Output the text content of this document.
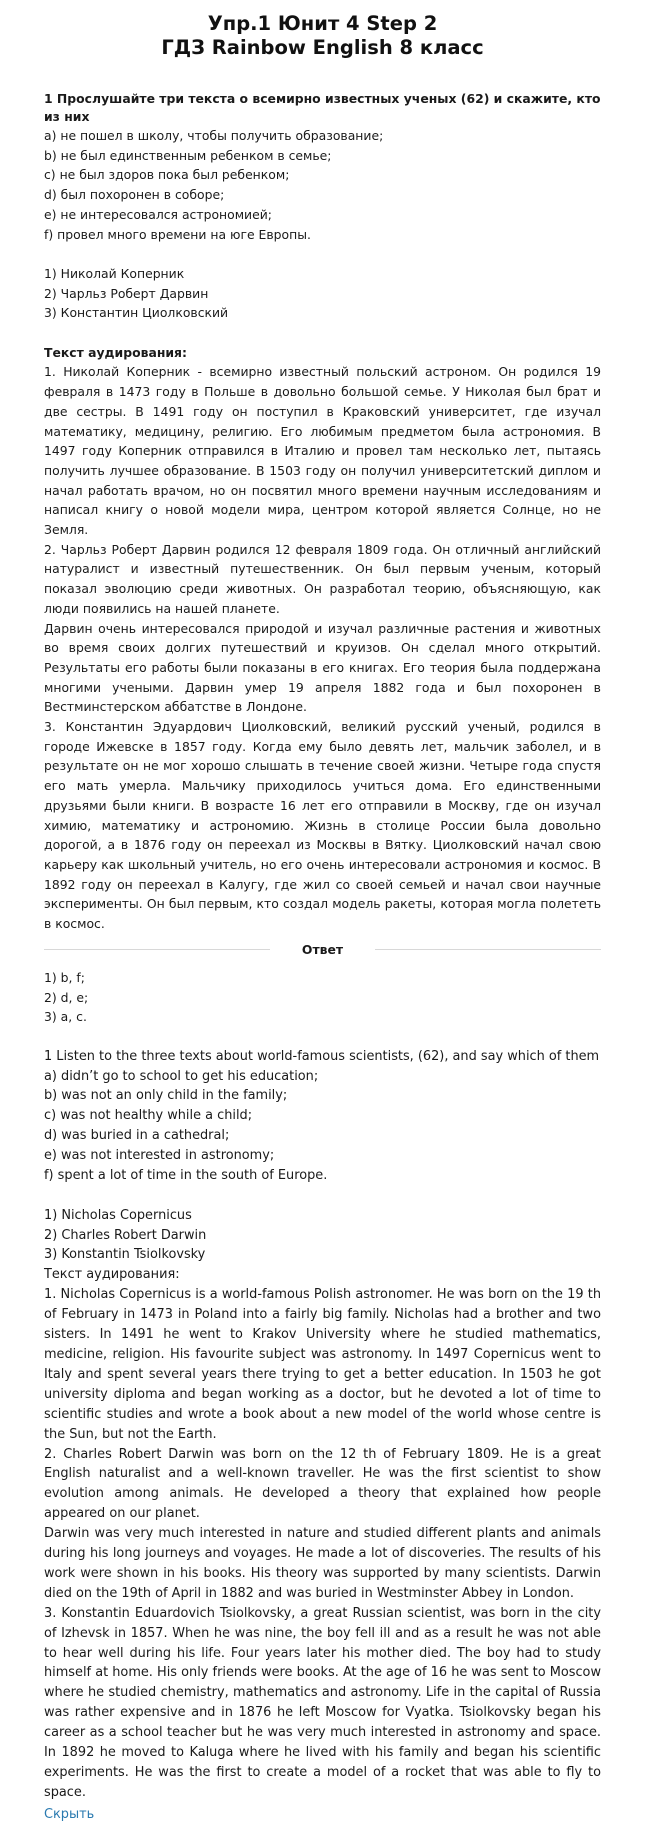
Упр.1 Юнит 4 Step 2
ГДЗ Rainbow English 8 класс

1 Прослушайте три текста о всемирно известных ученых (62) и скажите, кто из них

a) не пошел в школу, чтобы получить образование;

b) не был единственным ребенком в семье;

c) не был здоров пока был ребенком;

d) был похоронен в соборе;

e) не интересовался астрономией;

f) провел много времени на юге Европы.

1) Николай Коперник

2) Чарльз Роберт Дарвин

3) Константин Циолковский

Текст аудирования:

1. Николай Коперник - всемирно известный польский астроном. Он родился 19 февраля в 1473 году в Польше в довольно большой семье. У Николая был брат и две сестры. В 1491 году он поступил в Краковский университет, где изучал математику, медицину, религию. Его любимым предметом была астрономия. В 1497 году Коперник отправился в Италию и провел там несколько лет, пытаясь получить лучшее образование. В 1503 году он получил университетский диплом и начал работать врачом, но он посвятил много времени научным исследованиям и написал книгу о новой модели мира, центром которой является Солнце, но не Земля.

2. Чарльз Роберт Дарвин родился 12 февраля 1809 года. Он отличный английский натуралист и известный путешественник. Он был первым ученым, который показал эволюцию среди животных. Он разработал теорию, объясняющую, как люди появились на нашей планете.

Дарвин очень интересовался природой и изучал различные растения и животных во время своих долгих путешествий и круизов. Он сделал много открытий. Результаты его работы были показаны в его книгах. Его теория была поддержана многими учеными. Дарвин умер 19 апреля 1882 года и был похоронен в Вестминстерском аббатстве в Лондоне.

3. Константин Эдуардович Циолковский, великий русский ученый, родился в городе Ижевске в 1857 году. Когда ему было девять лет, мальчик заболел, и в результате он не мог хорошо слышать в течение своей жизни. Четыре года спустя его мать умерла. Мальчику приходилось учиться дома. Его единственными друзьями были книги. В возрасте 16 лет его отправили в Москву, где он изучал химию, математику и астрономию. Жизнь в столице России была довольно дорогой, а в 1876 году он переехал из Москвы в Вятку. Циолковский начал свою карьеру как школьный учитель, но его очень интересовали астрономия и космос. В 1892 году он переехал в Калугу, где жил со своей семьей и начал свои научные эксперименты. Он был первым, кто создал модель ракеты, которая могла полететь в космос.

Ответ

1) b, f;

2) d, e;

3) a, c.

1 Listen to the three texts about world-famous scientists, (62), and say which of them

a) didn’t go to school to get his education;

b) was not an only child in the family;

c) was not healthy while a child;

d) was buried in a cathedral;

e) was not interested in astronomy;

f) spent a lot of time in the south of Europe.

1) Nicholas Copernicus

2) Charles Robert Darwin

3) Konstantin Tsiolkovsky

Текст аудирования:

1. Nicholas Copernicus is a world-famous Polish astronomer. He was born on the 19 th of February in 1473 in Poland into a fairly big family. Nicholas had a brother and two sisters. In 1491 he went to Krakov University where he studied mathematics, medicine, religion. His favourite subject was astronomy. In 1497 Copernicus went to Italy and spent several years there trying to get a better education. In 1503 he got university diploma and began working as a doctor, but he devoted a lot of time to scientific studies and wrote a book about a new model of the world whose centre is the Sun, but not the Earth.

2. Charles Robert Darwin was born on the 12 th of February 1809. He is a great English naturalist and a well-known traveller. He was the first scientist to show evolution among animals. He developed a theory that explained how people appeared on our planet.

Darwin was very much interested in nature and studied different plants and animals during his long journeys and voyages. He made a lot of discoveries. The results of his work were shown in his books. His theory was supported by many scientists. Darwin died on the 19th of April in 1882 and was buried in Westminster Abbey in London.

3. Konstantin Eduardovich Tsiolkovsky, a great Russian scientist, was born in the city of Izhevsk in 1857. When he was nine, the boy fell ill and as a result he was not able to hear well during his life. Four years later his mother died. The boy had to study himself at home. His only friends were books. At the age of 16 he was sent to Moscow where he studied chemistry, mathematics and astronomy. Life in the capital of Russia was rather expensive and in 1876 he left Moscow for Vyatka. Tsiolkovsky began his career as a school teacher but he was very much interested in astronomy and space. In 1892 he moved to Kaluga where he lived with his family and began his scientific experiments. He was the first to create a model of a rocket that was able to fly to space.

Скрыть
